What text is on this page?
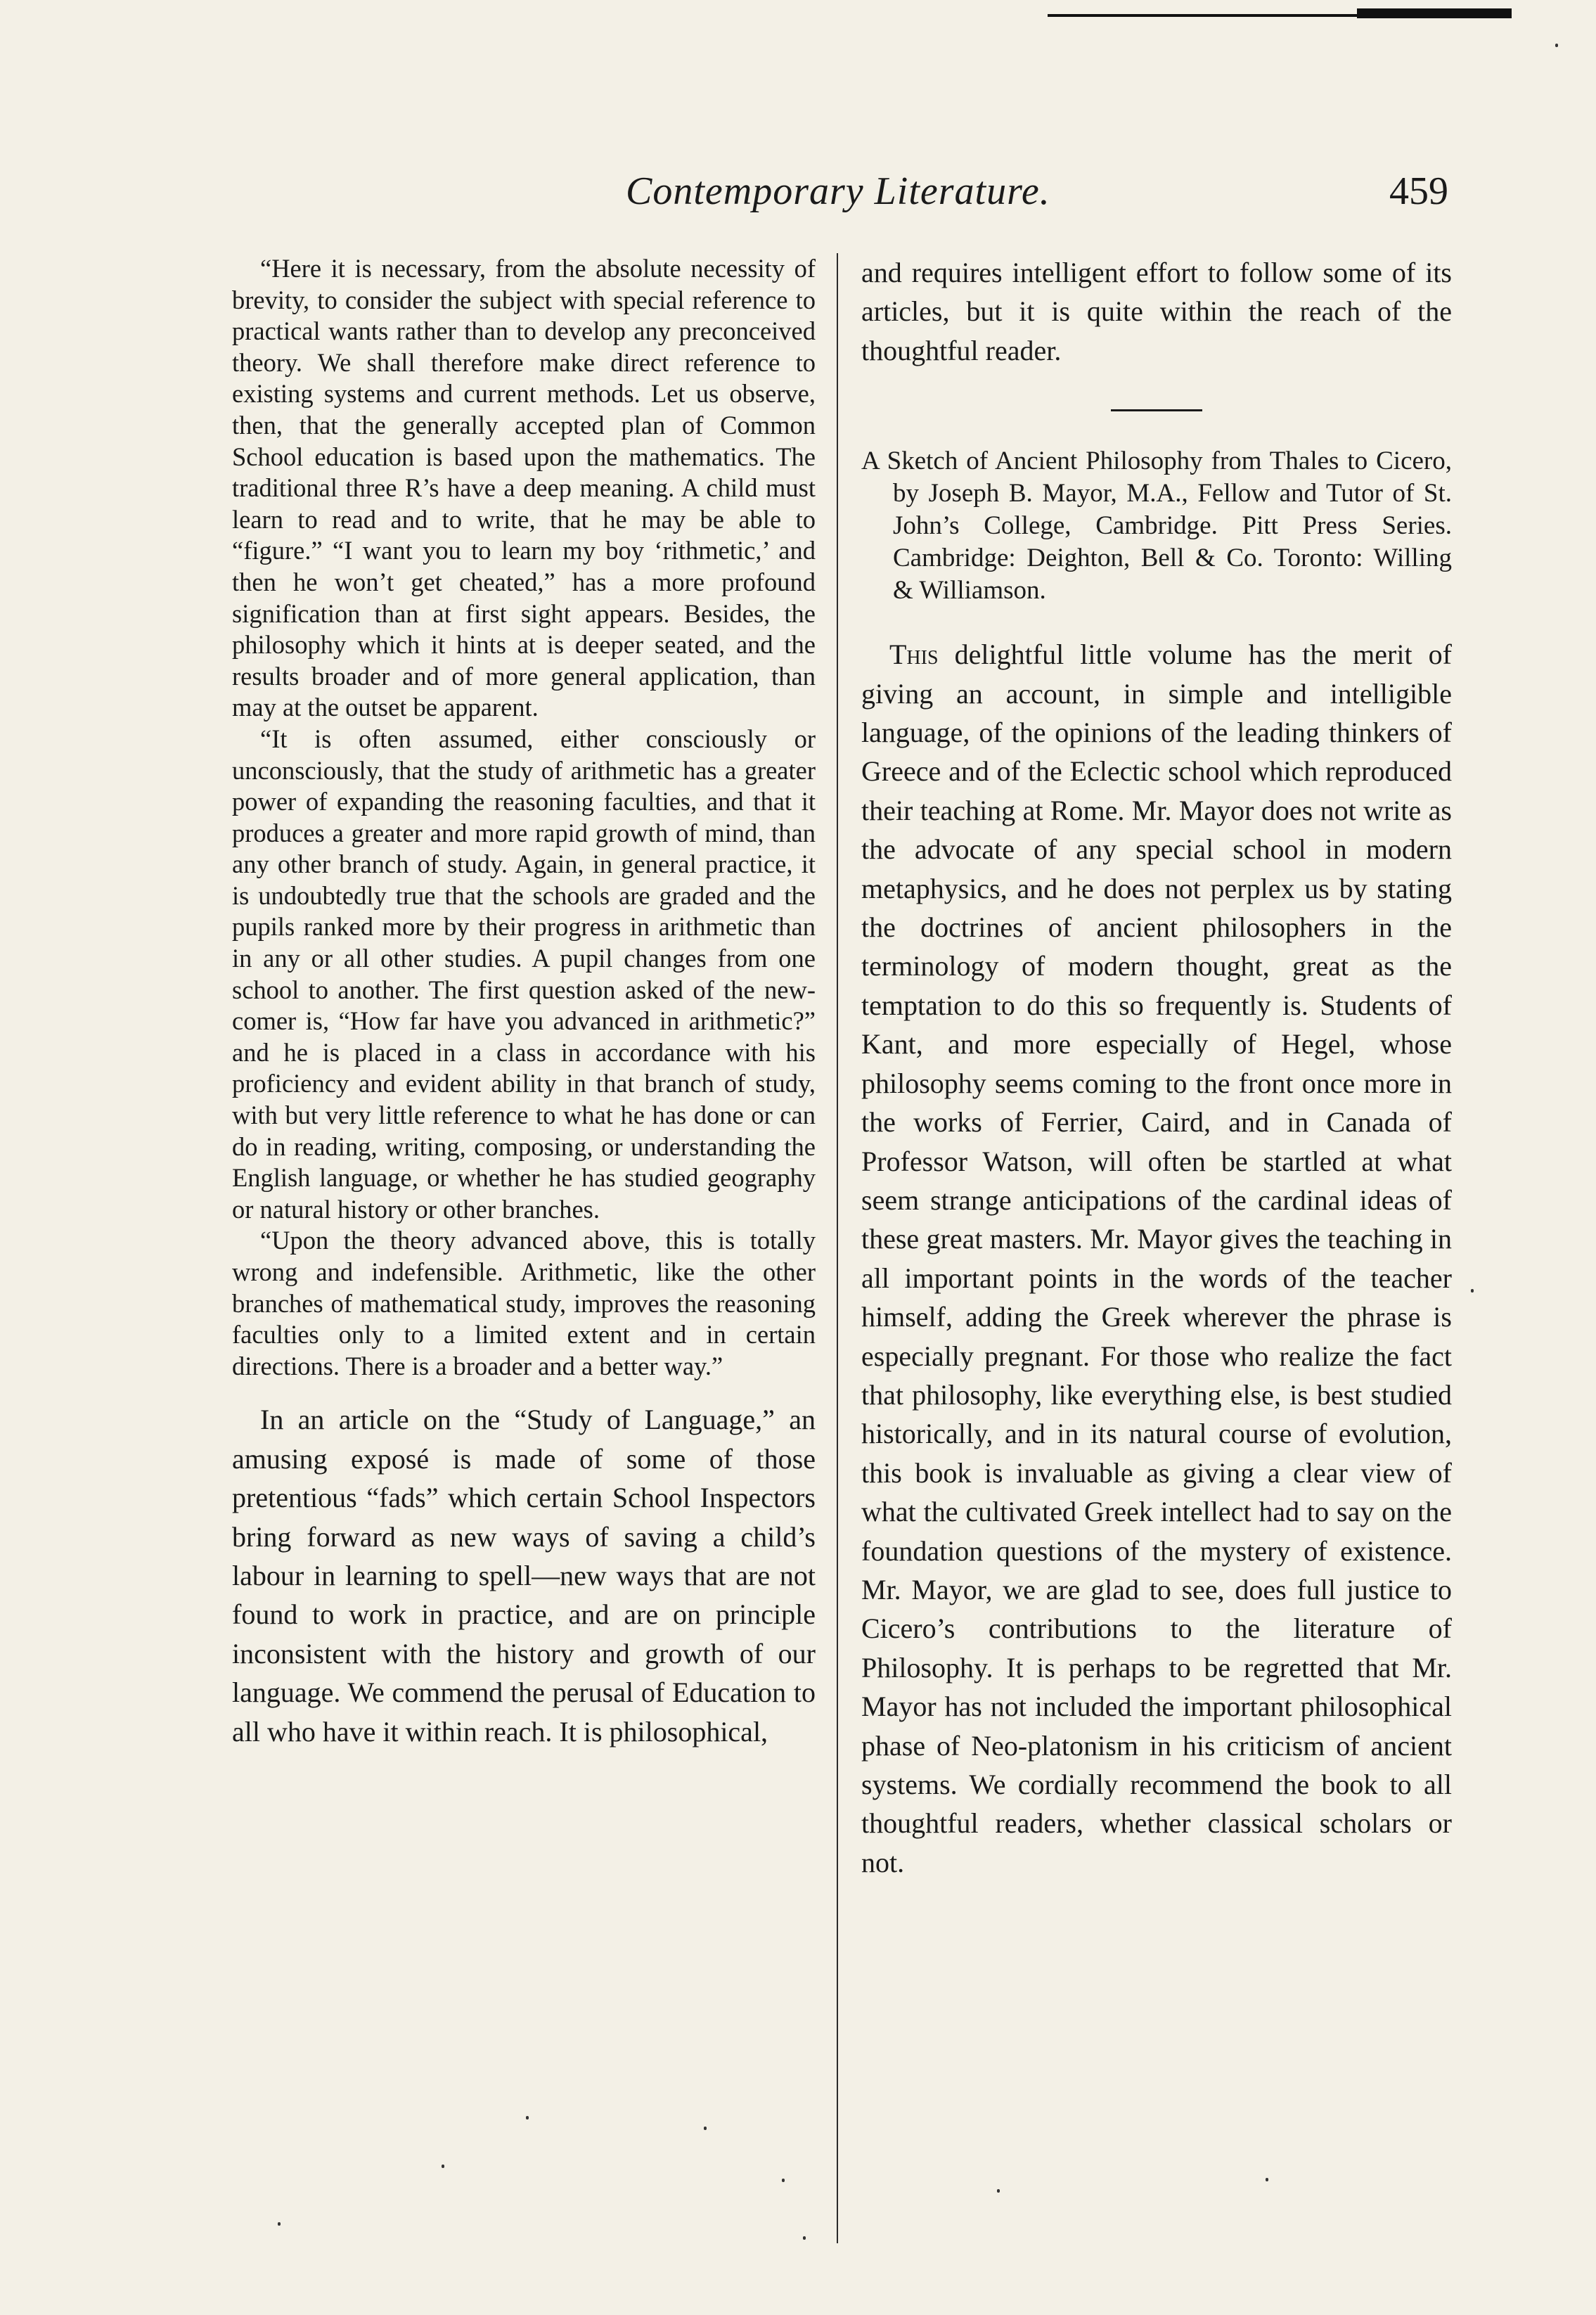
Contemporary Literature.	459

“Here it is necessary, from the absolute necessity of brevity, to consider the subject with special reference to practical wants rather than to develop any preconceived theory. We shall therefore make direct reference to existing systems and current methods. Let us observe, then, that the generally accepted plan of Common School education is based upon the mathematics. The traditional three R’s have a deep meaning. A child must learn to read and to write, that he may be able to “figure.” “I want you to learn my boy ‘rithmetic,’ and then he won’t get cheated,” has a more profound signification than at first sight appears. Besides, the philosophy which it hints at is deeper seated, and the results broader and of more general application, than may at the outset be apparent.

“It is often assumed, either consciously or unconsciously, that the study of arithmetic has a greater power of expanding the reasoning faculties, and that it produces a greater and more rapid growth of mind, than any other branch of study. Again, in general practice, it is undoubtedly true that the schools are graded and the pupils ranked more by their progress in arithmetic than in any or all other studies. A pupil changes from one school to another. The first question asked of the new-comer is, “How far have you advanced in arithmetic?” and he is placed in a class in accordance with his proficiency and evident ability in that branch of study, with but very little reference to what he has done or can do in reading, writing, composing, or understanding the English language, or whether he has studied geography or natural history or other branches.

“Upon the theory advanced above, this is totally wrong and indefensible. Arithmetic, like the other branches of mathematical study, improves the reasoning faculties only to a limited extent and in certain directions. There is a broader and a better way.”

In an article on the “Study of Language,” an amusing exposé is made of some of those pretentious “fads” which certain School Inspectors bring forward as new ways of saving a child’s labour in learning to spell—new ways that are not found to work in practice, and are on principle inconsistent with the history and growth of our language. We commend the perusal of Education to all who have it within reach. It is philosophical,

and requires intelligent effort to follow some of its articles, but it is quite within the reach of the thoughtful reader.

A Sketch of Ancient Philosophy from Thales to Cicero, by Joseph B. Mayor, M.A., Fellow and Tutor of St. John’s College, Cambridge. Pitt Press Series. Cambridge: Deighton, Bell & Co. Toronto: Willing & Williamson.

This delightful little volume has the merit of giving an account, in simple and intelligible language, of the opinions of the leading thinkers of Greece and of the Eclectic school which reproduced their teaching at Rome. Mr. Mayor does not write as the advocate of any special school in modern metaphysics, and he does not perplex us by stating the doctrines of ancient philosophers in the terminology of modern thought, great as the temptation to do this so frequently is. Students of Kant, and more especially of Hegel, whose philosophy seems coming to the front once more in the works of Ferrier, Caird, and in Canada of Professor Watson, will often be startled at what seem strange anticipations of the cardinal ideas of these great masters. Mr. Mayor gives the teaching in all important points in the words of the teacher himself, adding the Greek wherever the phrase is especially pregnant. For those who realize the fact that philosophy, like everything else, is best studied historically, and in its natural course of evolution, this book is invaluable as giving a clear view of what the cultivated Greek intellect had to say on the foundation questions of the mystery of existence. Mr. Mayor, we are glad to see, does full justice to Cicero’s contributions to the literature of Philosophy. It is perhaps to be regretted that Mr. Mayor has not included the important philosophical phase of Neo-platonism in his criticism of ancient systems. We cordially recommend the book to all thoughtful readers, whether classical scholars or not.
